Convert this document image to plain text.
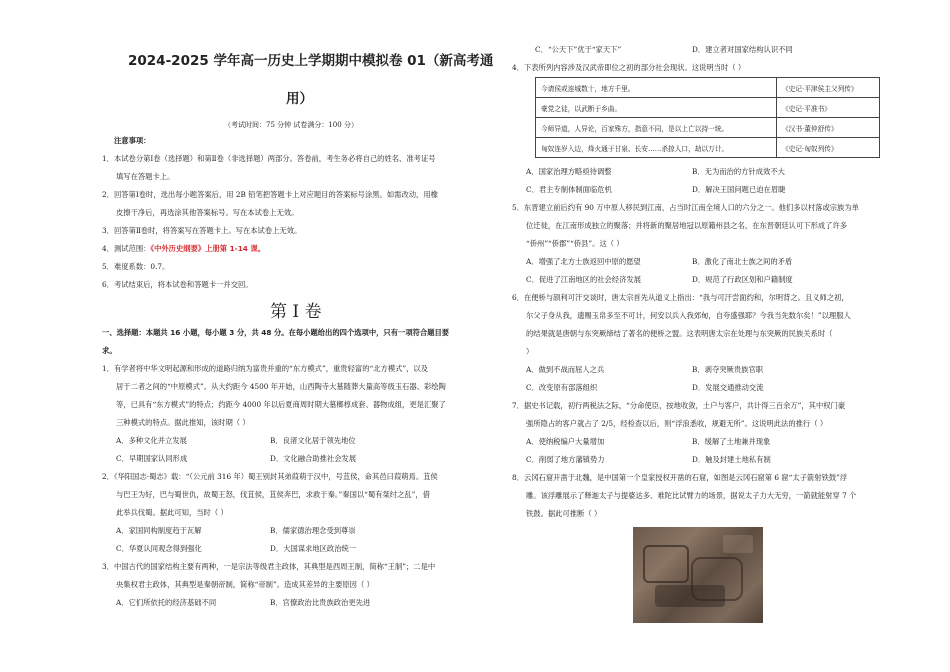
2024-2025 学年高一历史上学期期中模拟卷 01（新高考通
用）
（考试时间：75 分钟 试卷满分：100 分）
注意事项：
1．本试卷分第Ⅰ卷（选择题）和第Ⅱ卷（非选择题）两部分。答卷前，考生务必将自己的姓名、准考证号
填写在答题卡上。
2．回答第Ⅰ卷时，选出每小题答案后，用 2B 铅笔把答题卡上对应题目的答案标号涂黑。如需改动，用橡
皮擦干净后，再选涂其他答案标号。写在本试卷上无效。
3．回答第Ⅱ卷时，将答案写在答题卡上。写在本试卷上无效。
4．测试范围：《中外历史纲要》上册第 1-14 课。
5．难度系数：0.7。
6．考试结束后，将本试卷和答题卡一并交回。
第 Ⅰ 卷
一、选择题：本题共 16 小题，每小题 3 分，共 48 分。在每小题给出的四个选项中，只有一项符合题目要
求。
1．有学者将中华文明起源和形成的道路归纳为富贵并重的“东方模式”，重贵轻富的“北方模式”，以及
居于二者之间的“中原模式”。从大约距今 4500 年开始，山西陶寺大墓随葬大量高等级玉石器、彩绘陶
等，已具有“东方模式”的特点；约距今 4000 年以后夏商周时期大墓榔椁成套、器物成组，更是汇聚了
三种模式的特点。据此推知，该时期（ ）
A．多种文化并立发展	B．良渚文化居于领先地位
C．早期国家认同形成	D．文化融合助推社会发展
2．《华阳国志·蜀志》载：“（公元前 316 年）蜀王别封其弟葭萌于汉中，号苴侯，命其邑曰葭萌焉。苴侯
与巴王为好，巴与蜀世仇，故蜀王怒，伐苴侯，苴侯奔巴，求救于秦。”秦国以“蜀有桀纣之乱”，借
此举兵伐蜀。据此可知，当时（ ）
A．家国同构制度趋于瓦解	B．儒家德治理念受到尊崇
C．华夏认同观念得到强化	D．大国谋求地区政治统一
3．中国古代的国家结构主要有两种，一是宗法等级君主政体，其典型是西周王制，简称“王制”；二是中
央集权君主政体，其典型是秦朝帝制，简称“帝制”。造成其差异的主要原因（ ）
A．它们所依托的经济基础不同	B．官僚政治比贵族政治更先进
C．“公天下”优于“家天下”	D．建立者对国家结构认识不同
4．下表所列内容涉及汉武帝即位之初的部分社会现状。这说明当时（ ）
今请侯或连城数十，地方千里。	《史记·平津侯主父列传》
豪党之徒，以武断于乡曲。	《史记·平准书》
今师异道，人异论，百家殊方，指意不同，是以上亡以持一统。	《汉书·董仲舒传》
匈奴连岁入边，烽火通于甘泉、长安……杀掠人口，劫以万计。	《史记·匈奴列传》
A．国家治理方略亟待调整	B．无为而治的方针成效不大
C．君主专制体制面临危机	D．解决王国问题已迫在眉睫
5．东晋建立前后约有 90 万中原人移民到江南，占当时江南全境人口的六分之一。他们多以村落或宗族为单
位迁徙，在江南形成独立的聚落；并将新的聚居地冠以原籍州县之名，在东晋朝廷认可下形成了许多
“侨州”“侨郡”“侨县”。这（ ）
A．增强了北方士族返回中原的愿望	B．激化了南北士族之间的矛盾
C．促进了江南地区的社会经济发展	D．规范了行政区划和户籍制度
6．在便桥与颉利可汗交谈时，唐太宗首先从道义上指出：“我与可汗尝面约和，尔明背之。且义师之初，
尔父子身从我，遗赐玉帛多至不可计，何安以兵入我郊甸，自夸盛强耶？今我当先数尔矣！”以理服人
的结果就是唐朝与东突厥缔结了著名的便桥之盟。这表明唐太宗在处理与东突厥的民族关系时（
）
A．做到不战而屈人之兵	B．剥夺突厥贵族官职
C．改变原有部落组织	D．发展交通推动交流
7．据史书记载，初行两税法之际，“分命使臣，按地收敛，土户与客户，共计得三百余万”，其中权门豪
强所隐占的客户就占了 2/5，经检查以后，则“浮浪悉收，规避无所”。这说明此法的推行（ ）
A．使纳税编户大量增加	B．缓解了土地兼并现象
C．削弱了地方藩镇势力	D．触及封建土地私有制
8．云冈石窟开凿于北魏，是中国第一个皇家授权开凿的石窟，如图是云冈石窟第 6 窟“太子箭射铁鼓”浮
雕。该浮雕展示了释迦太子与提婆达多、难陀比试臂力的场景，据说太子力大无穷，一箭就能射穿 7 个
铁鼓。据此可推断（ ）
